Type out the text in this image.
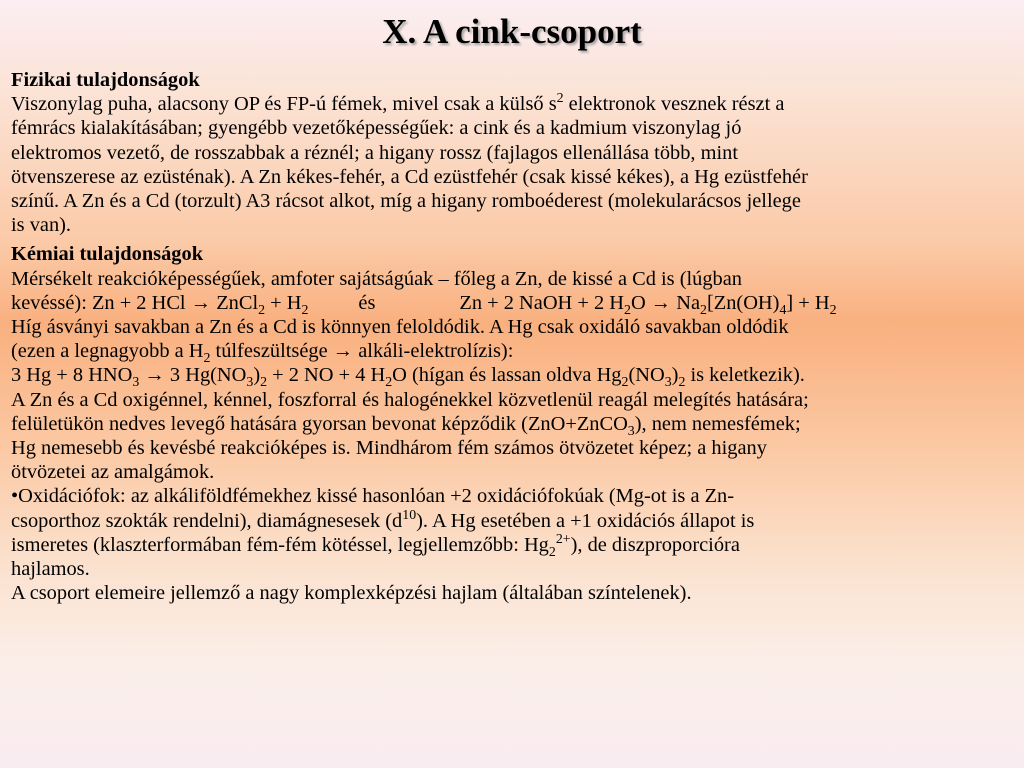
X. A cink-csoport
Fizikai tulajdonságok
Viszonylag puha, alacsony OP és FP-ú fémek, mivel csak a külső $s^2$ elektronok vesznek részt a
fémrács kialakításában; gyengébb vezetőképességűek: a cink és a kadmium viszonylag jó
elektromos vezető, de rosszabbak a réznél; a higany rossz (fajlagos ellenállása több, mint
ötvenszerese az ezüsténak). A Zn kékes-fehér, a Cd ezüstfehér (csak kissé kékes), a Hg ezüstfehér
színű. A Zn és a Cd (torzult) A3 rácsot alkot, míg a higany romboéderest (molekularácsos jellege
is van).
Kémiai tulajdonságok
Mérsékelt reakcióképességűek, amfoter sajátságúak – főleg a Zn, de kissé a Cd is (lúgban
kevéssé): Zn + 2 HCl → ZnCl$_2$ + $H_2$ és	Zn + 2 NaOH + 2 $H_2O \to Na_2[Zn(OH)_4] + H_2$
Híg ásványi savakban a Zn és a Cd is könnyen feloldódik. A Hg csak oxidáló savakban oldódik
(ezen a legnagyobb a $H_2$ túlfeszültsége → alkáli-elektrolízis):
3 Hg + 8 $HNO_3 \to 3$ $Hg(NO_3)_2 + 2$ NO + 4 $H_2O$ (hígan és lassan oldva $Hg_2(NO_3)_2$ is keletkezik).
A Zn és a Cd oxigénnel, kénnel, foszforral és halogénekkel közvetlenül reagál melegítés hatására;
felületükön nedves levegő hatására gyorsan bevonat képződik (ZnO+ZnCO$_3$), nem nemesfémek;
Hg nemesebb és kevésbé reakcióképes is. Mindhárom fém számos ötvözetet képez; a higany
ötvözetei az amalgámok.
•Oxidációfok: az alkáliföldfémekhez kissé hasonlóan +2 oxidációfokúak (Mg-ot is a Zn-
csoporthoz szokták rendelni), diamágnesesek $(d^{10})$. A Hg esetében a +1 oxidációs állapot is
ismeretes (klaszterformában fém-fém kötéssel, legjellemzőbb: $Hg_2^{2+}$), de diszproporcióra
hajlamos.
A csoport elemeire jellemző a nagy komplexképzési hajlam (általában színtelenek).
